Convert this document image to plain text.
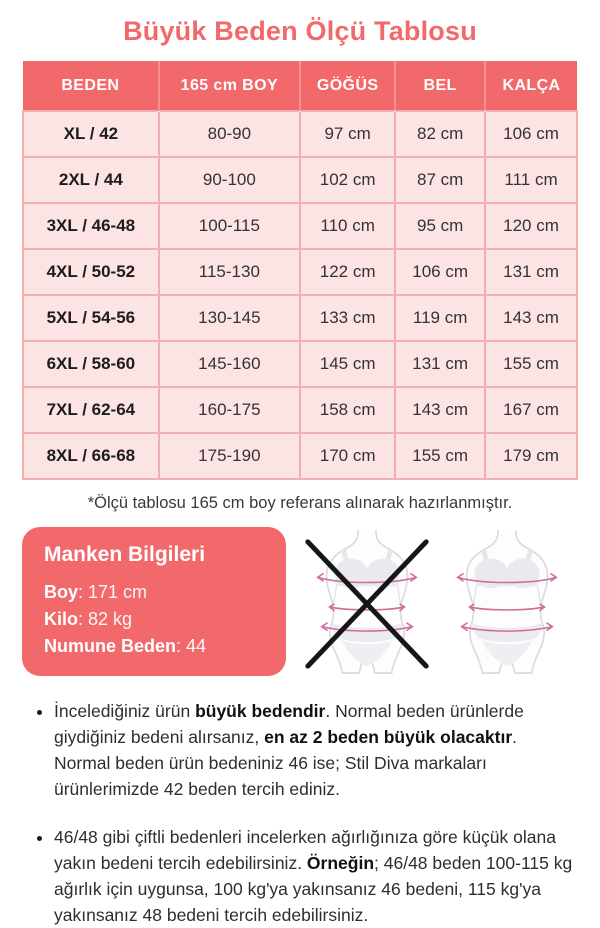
Büyük Beden Ölçü Tablosu
BEDEN	165 cm BOY	GÖĞÜS	BEL	KALÇA
XL / 42	80-90	97 cm	82 cm	106 cm
2XL / 44	90-100	102 cm	87 cm	111 cm
3XL / 46-48	100-115	110 cm	95 cm	120 cm
4XL / 50-52	115-130	122 cm	106 cm	131 cm
5XL / 54-56	130-145	133 cm	119 cm	143 cm
6XL / 58-60	145-160	145 cm	131 cm	155 cm
7XL / 62-64	160-175	158 cm	143 cm	167 cm
8XL / 66-68	175-190	170 cm	155 cm	179 cm
*Ölçü tablosu 165 cm boy referans alınarak hazırlanmıştır.
Manken Bilgileri
Boy: 171 cm
Kilo: 82 kg
Numune Beden: 44
• İncelediğiniz ürün büyük bedendir. Normal beden ürünlerde giydiğiniz bedeni alırsanız, en az 2 beden büyük olacaktır. Normal beden ürün bedeniniz 46 ise; Stil Diva markaları ürünlerimizde 42 beden tercih ediniz.
• 46/48 gibi çiftli bedenleri incelerken ağırlığınıza göre küçük olana yakın bedeni tercih edebilirsiniz. Örneğin; 46/48 beden 100-115 kg ağırlık için uygunsa, 100 kg'ya yakınsanız 46 bedeni, 115 kg'ya yakınsanız 48 bedeni tercih edebilirsiniz.
